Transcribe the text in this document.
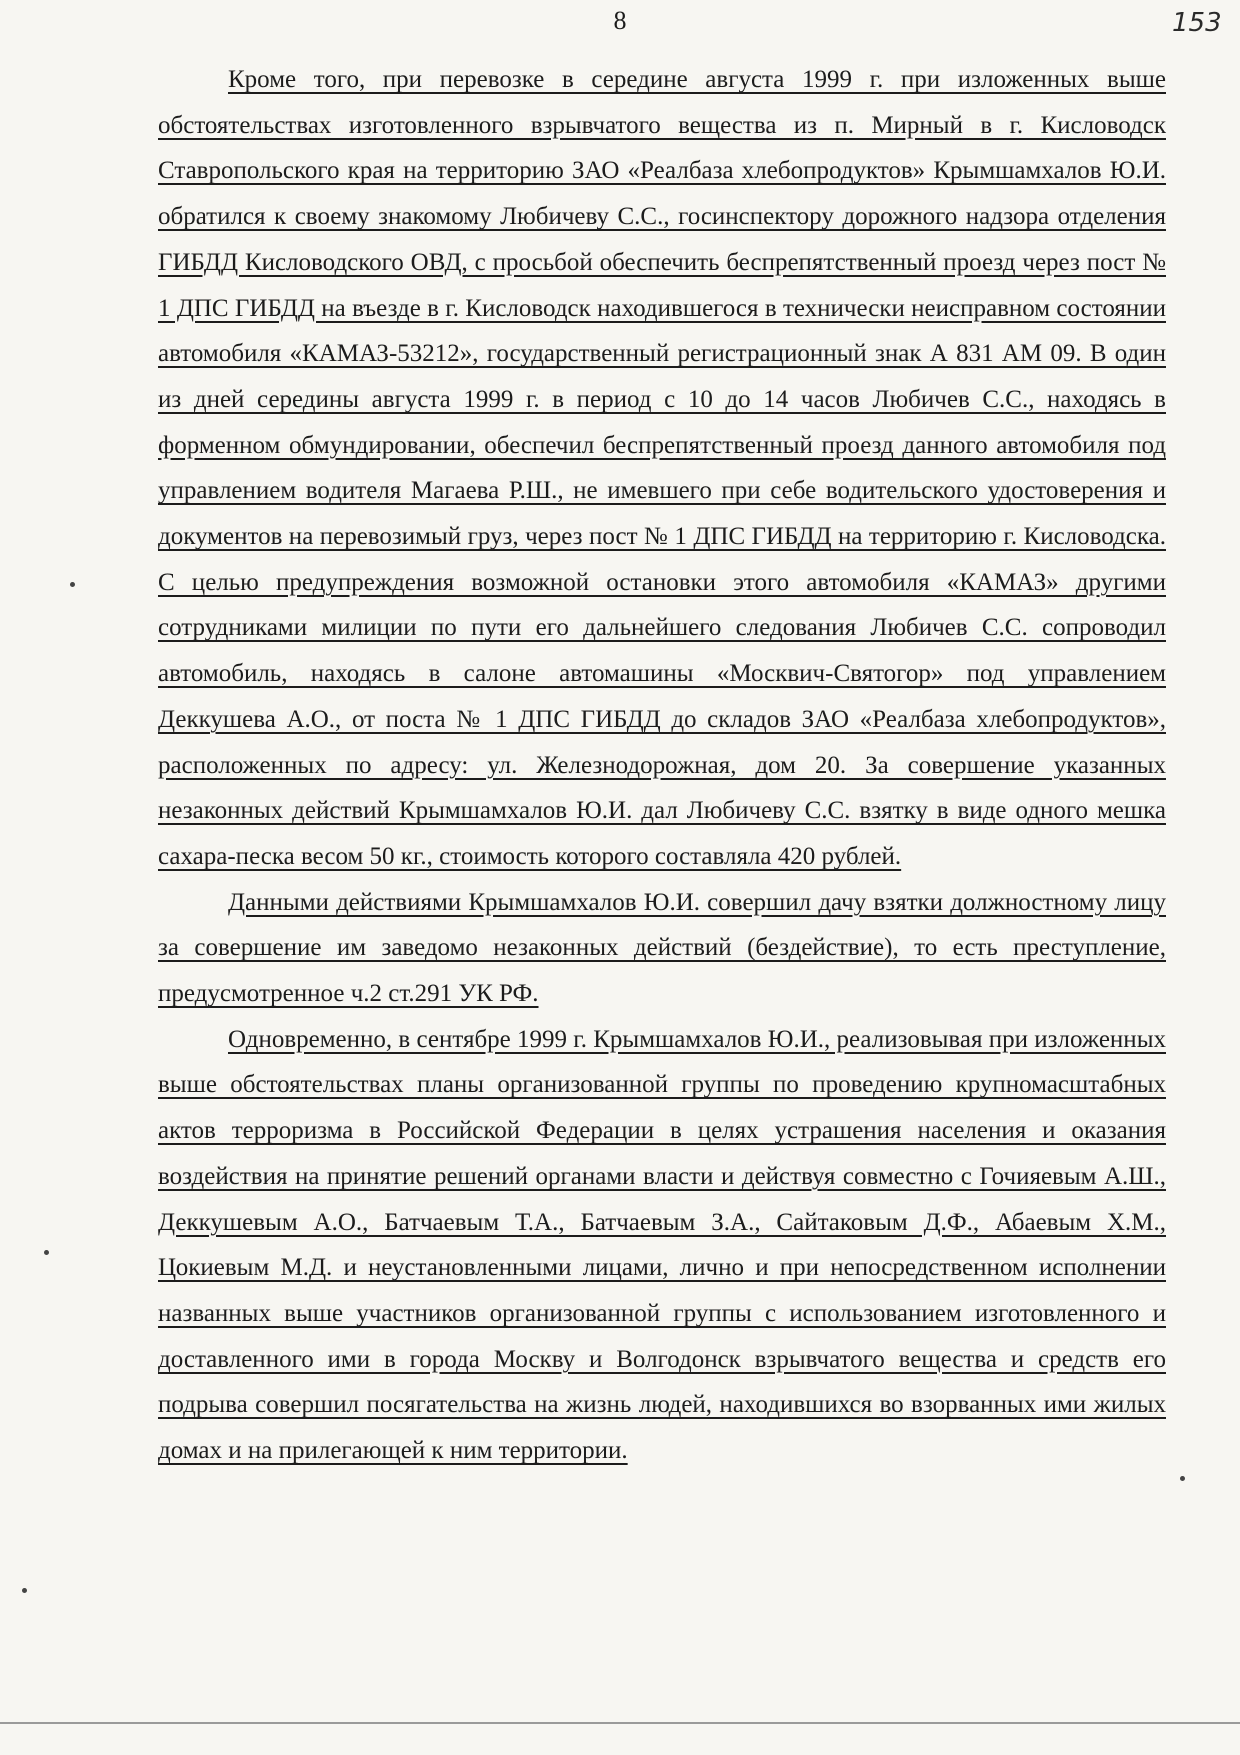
8	153

Кроме того, при перевозке в середине августа 1999 г. при изложенных выше обстоятельствах изготовленного взрывчатого вещества из п. Мирный в г. Кисловодск Ставропольского края на территорию ЗАО «Реалбаза хлебопродуктов» Крымшамхалов Ю.И. обратился к своему знакомому Любичеву С.С., госинспектору дорожного надзора отделения ГИБДД Кисловодского ОВД, с просьбой обеспечить беспрепятственный проезд через пост № 1 ДПС ГИБДД на въезде в г. Кисловодск находившегося в технически неисправном состоянии автомобиля «КАМАЗ-53212», государственный регистрационный знак А 831 АМ 09. В один из дней середины августа 1999 г. в период с 10 до 14 часов Любичев С.С., находясь в форменном обмундировании, обеспечил беспрепятственный проезд данного автомобиля под управлением водителя Магаева Р.Ш., не имевшего при себе водительского удостоверения и документов на перевозимый груз, через пост № 1 ДПС ГИБДД на территорию г. Кисловодска. С целью предупреждения возможной остановки этого автомобиля «КАМАЗ» другими сотрудниками милиции по пути его дальнейшего следования Любичев С.С. сопроводил автомобиль, находясь в салоне автомашины «Москвич-Святогор» под управлением Деккушева А.О., от поста № 1 ДПС ГИБДД до складов ЗАО «Реалбаза хлебопродуктов», расположенных по адресу: ул. Железнодорожная, дом 20. За совершение указанных незаконных действий Крымшамхалов Ю.И. дал Любичеву С.С. взятку в виде одного мешка сахара-песка весом 50 кг., стоимость которого составляла 420 рублей.

Данными действиями Крымшамхалов Ю.И. совершил дачу взятки должностному лицу за совершение им заведомо незаконных действий (бездействие), то есть преступление, предусмотренное ч.2 ст.291 УК РФ.

Одновременно, в сентябре 1999 г. Крымшамхалов Ю.И., реализовывая при изложенных выше обстоятельствах планы организованной группы по проведению крупномасштабных актов терроризма в Российской Федерации в целях устрашения населения и оказания воздействия на принятие решений органами власти и действуя совместно с Гочияевым А.Ш., Деккушевым А.О., Батчаевым Т.А., Батчаевым З.А., Сайтаковым Д.Ф., Абаевым Х.М., Цокиевым М.Д. и неустановленными лицами, лично и при непосредственном исполнении названных выше участников организованной группы с использованием изготовленного и доставленного ими в города Москву и Волгодонск взрывчатого вещества и средств его подрыва совершил посягательства на жизнь людей, находившихся во взорванных ими жилых домах и на прилегающей к ним территории.
